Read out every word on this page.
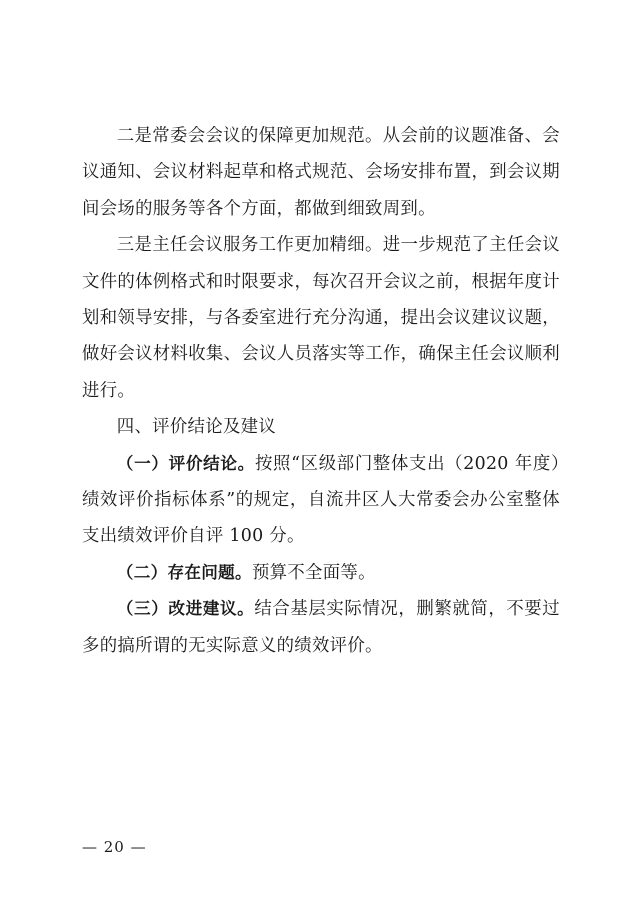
二是常委会会议的保障更加规范。从会前的议题准备、会议通知、会议材料起草和格式规范、会场安排布置，到会议期间会场的服务等各个方面，都做到细致周到。

三是主任会议服务工作更加精细。进一步规范了主任会议文件的体例格式和时限要求，每次召开会议之前，根据年度计划和领导安排，与各委室进行充分沟通，提出会议建议议题，做好会议材料收集、会议人员落实等工作，确保主任会议顺利进行。

四、评价结论及建议

（一）评价结论。按照“区级部门整体支出（2020 年度）绩效评价指标体系”的规定，自流井区人大常委会办公室整体支出绩效评价自评 100 分。

（二）存在问题。预算不全面等。

（三）改进建议。结合基层实际情况，删繁就简，不要过多的搞所谓的无实际意义的绩效评价。

— 20 —
